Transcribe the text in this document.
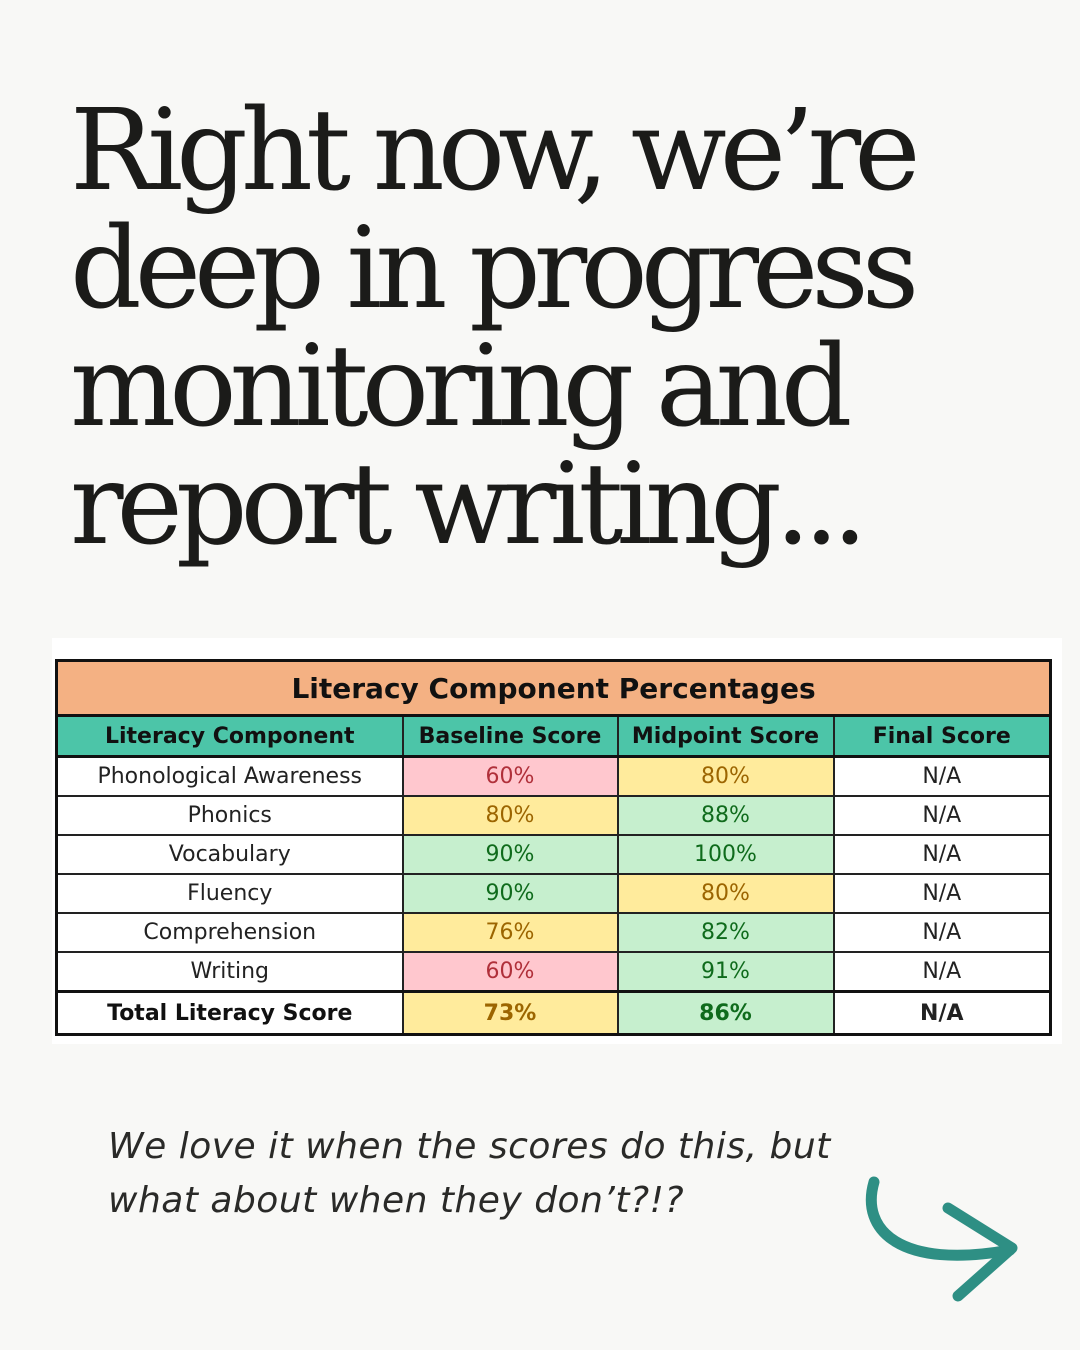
Right now, we’re
deep in progress
monitoring and
report writing...
Literacy Component Percentages			
Literacy Component	Baseline Score	Midpoint Score	Final Score
Phonological Awareness	60%	80%	N/A
Phonics	80%	88%	N/A
Vocabulary	90%	100%	N/A
Fluency	90%	80%	N/A
Comprehension	76%	82%	N/A
Writing	60%	91%	N/A
Total Literacy Score	73%	86%	N/A

We love it when the scores do this, but
what about when they don’t?!?
